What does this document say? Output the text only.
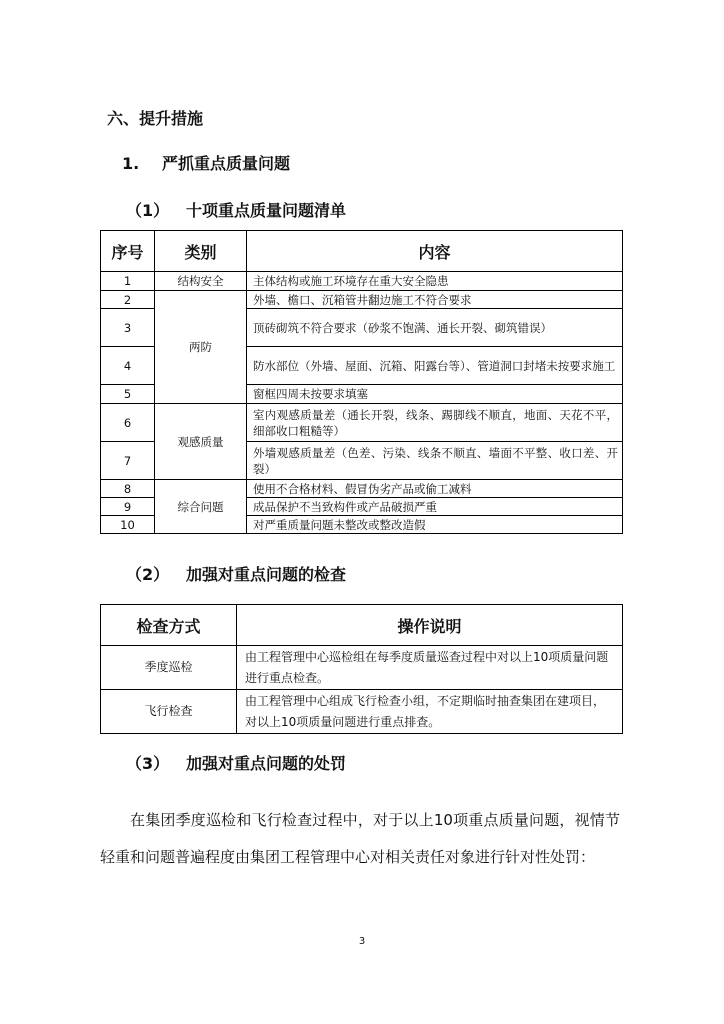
六、提升措施
1. 严抓重点质量问题
（1） 十项重点质量问题清单
序号	类别	内容
1	结构安全	主体结构或施工环境存在重大安全隐患
2	两防	外墙、檐口、沉箱管井翻边施工不符合要求
3		顶砖砌筑不符合要求（砂浆不饱满、通长开裂、砌筑错误）
4		防水部位（外墙、屋面、沉箱、阳露台等）、管道洞口封堵未按要求施工
5		窗框四周未按要求填塞
6	观感质量	室内观感质量差（通长开裂，线条、踢脚线不顺直，地面、天花不平，细部收口粗糙等）
7		外墙观感质量差（色差、污染、线条不顺直、墙面不平整、收口差、开裂）
8	综合问题	使用不合格材料、假冒伪劣产品或偷工减料
9		成品保护不当致构件或产品破损严重
10		对严重质量问题未整改或整改造假
（2） 加强对重点问题的检查
检查方式	操作说明
季度巡检	由工程管理中心巡检组在每季度质量巡查过程中对以上10项质量问题进行重点检查。
飞行检查	由工程管理中心组成飞行检查小组，不定期临时抽查集团在建项目，对以上10项质量问题进行重点排查。
（3） 加强对重点问题的处罚
在集团季度巡检和飞行检查过程中，对于以上10项重点质量问题，视情节轻重和问题普遍程度由集团工程管理中心对相关责任对象进行针对性处罚：
3
